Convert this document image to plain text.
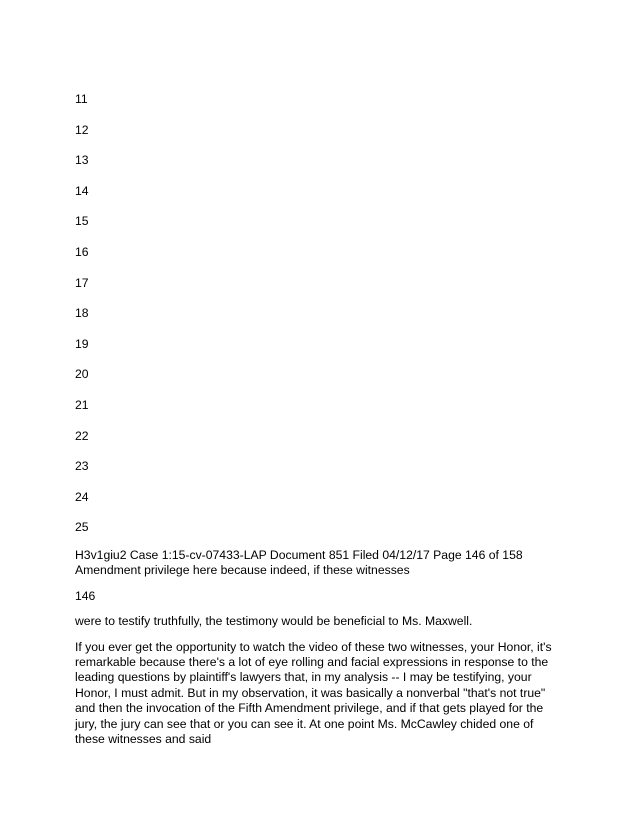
11
12
13
14
15
16
17
18
19
20
21
22
23
24
25

H3v1giu2 Case 1:15-cv-07433-LAP Document 851 Filed 04/12/17 Page 146 of 158 Amendment privilege here because indeed, if these witnesses

146

were to testify truthfully, the testimony would be beneficial to Ms. Maxwell.

If you ever get the opportunity to watch the video of these two witnesses, your Honor, it's remarkable because there's a lot of eye rolling and facial expressions in response to the leading questions by plaintiff's lawyers that, in my analysis -- I may be testifying, your Honor, I must admit. But in my observation, it was basically a nonverbal "that's not true" and then the invocation of the Fifth Amendment privilege, and if that gets played for the jury, the jury can see that or you can see it. At one point Ms. McCawley chided one of these witnesses and said
